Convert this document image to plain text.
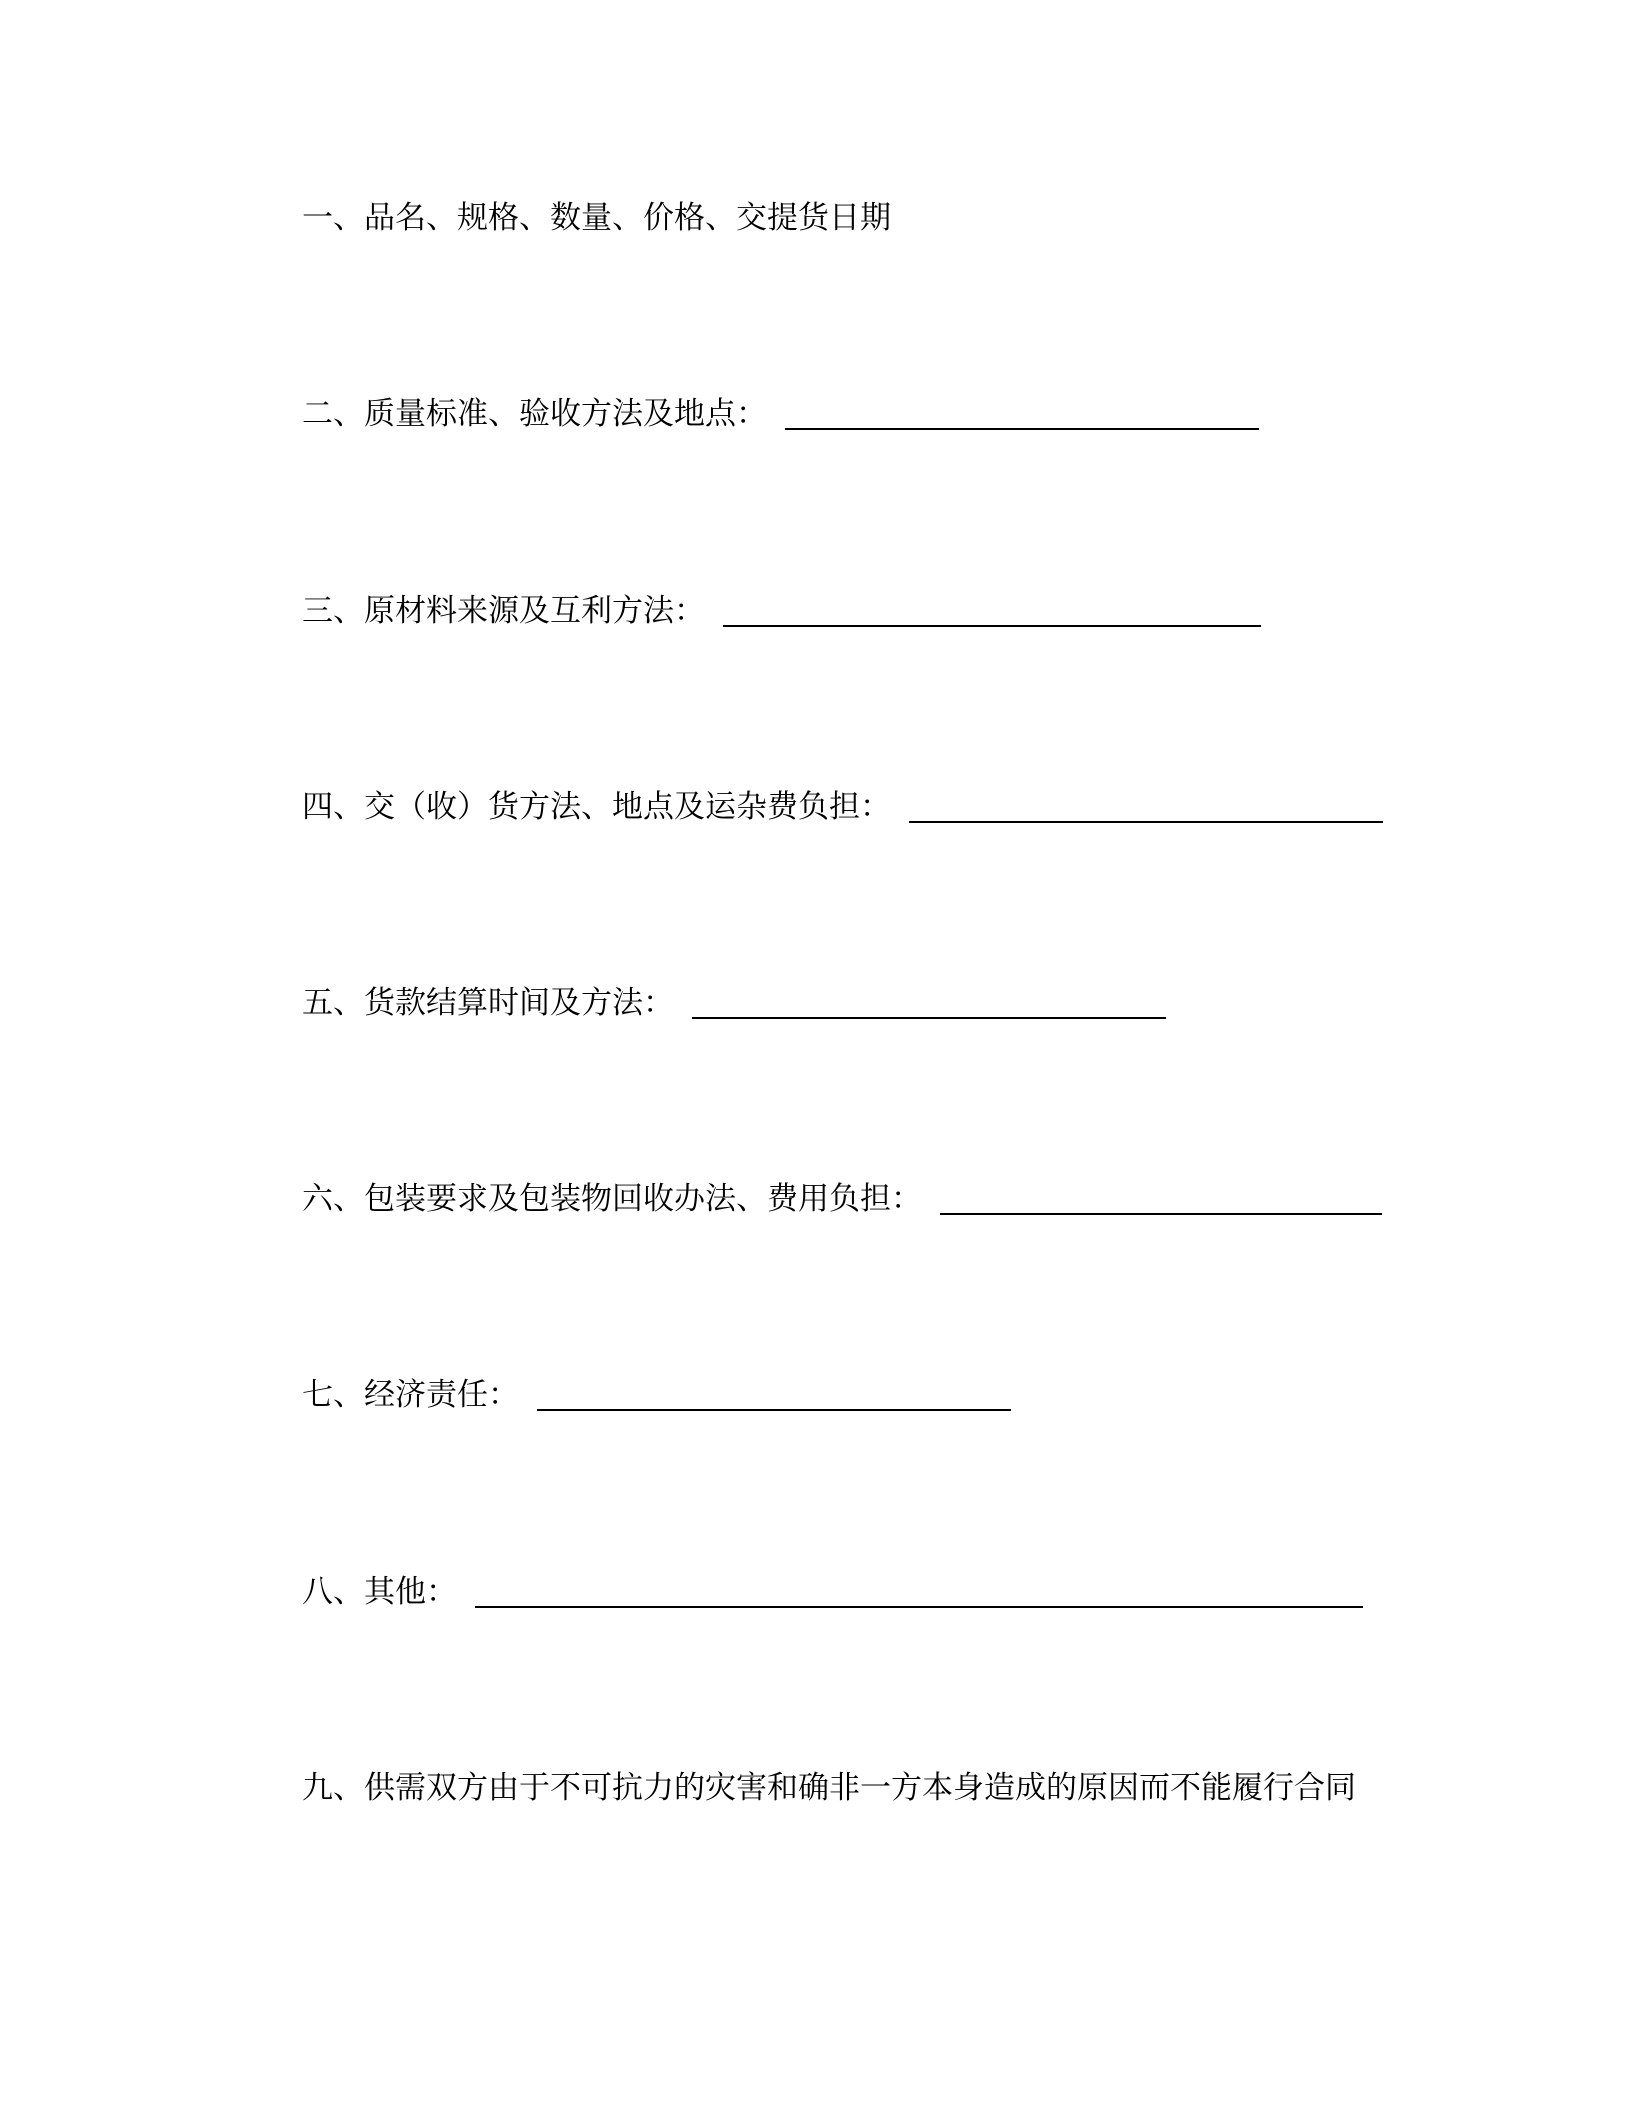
一、品名、规格、数量、价格、交提货日期
二、质量标准、验收方法及地点：
三、原材料来源及互利方法：
四、交（收）货方法、地点及运杂费负担：
五、货款结算时间及方法：
六、包装要求及包装物回收办法、费用负担：
七、经济责任：
八、其他：
九、供需双方由于不可抗力的灾害和确非一方本身造成的原因而不能履行合同
